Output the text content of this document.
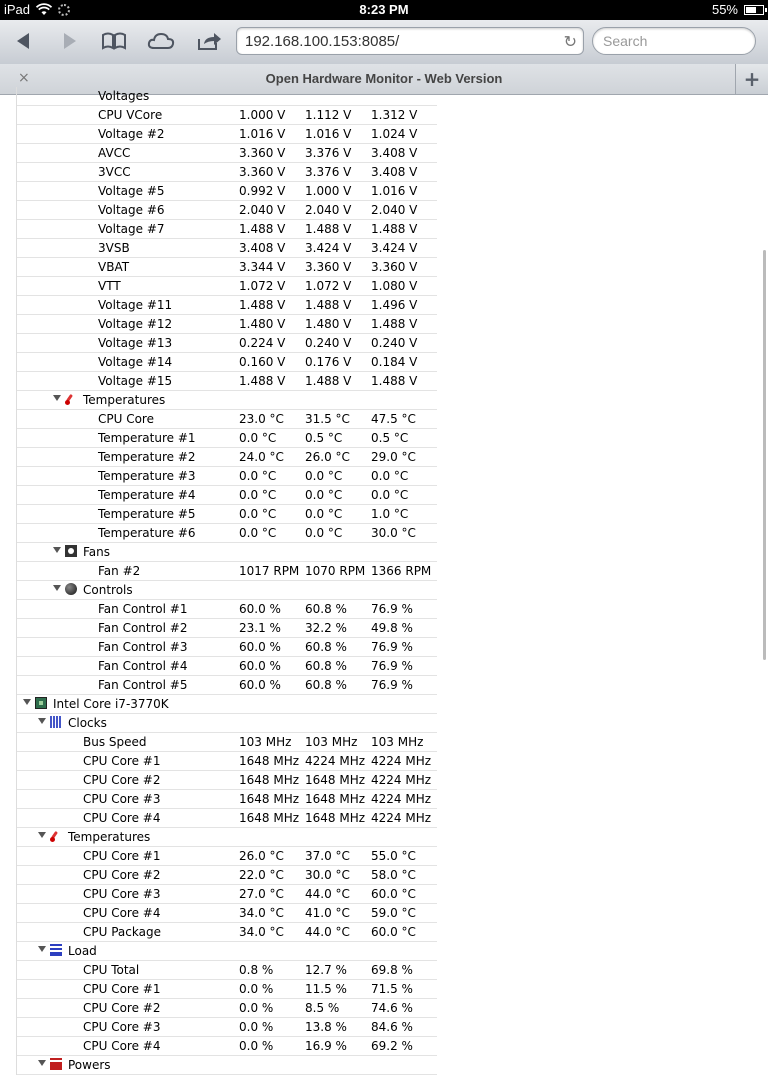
iPad	8:23 PM	55%
192.168.100.153:8085/	↻ Search
×	Open Hardware Monitor - Web Version	+
Voltages
CPU VCore	1.000 V 1.112 V 1.312 V
Voltage #2	1.016 V 1.016 V 1.024 V
AVCC	3.360 V 3.376 V 3.408 V
3VCC	3.360 V 3.376 V 3.408 V
Voltage #5	0.992 V 1.000 V 1.016 V
Voltage #6	2.040 V 2.040 V 2.040 V
Voltage #7	1.488 V 1.488 V 1.488 V
3VSB	3.408 V 3.424 V 3.424 V
VBAT	3.344 V 3.360 V 3.360 V
VTT	1.072 V 1.072 V 1.080 V
Voltage #11	1.488 V 1.488 V 1.496 V
Voltage #12	1.480 V 1.480 V 1.488 V
Voltage #13	0.224 V 0.240 V 0.240 V
Voltage #14	0.160 V 0.176 V 0.184 V
Voltage #15	1.488 V 1.488 V 1.488 V
Temperatures
CPU Core	23.0 °C 31.5 °C 47.5 °C
Temperature #1	0.0 °C 0.5 °C 0.5 °C
Temperature #2	24.0 °C 26.0 °C 29.0 °C
Temperature #3	0.0 °C 0.0 °C 0.0 °C
Temperature #4	0.0 °C 0.0 °C 0.0 °C
Temperature #5	0.0 °C 0.0 °C 1.0 °C
Temperature #6	0.0 °C 0.0 °C 30.0 °C
Fans
Fan #2	1017 RPM 1070 RPM 1366 RPM
Controls
Fan Control #1	60.0 % 60.8 % 76.9 %
Fan Control #2	23.1 % 32.2 % 49.8 %
Fan Control #3	60.0 % 60.8 % 76.9 %
Fan Control #4	60.0 % 60.8 % 76.9 %
Fan Control #5	60.0 % 60.8 % 76.9 %
Intel Core i7-3770K
Clocks
Bus Speed	103 MHz 103 MHz 103 MHz
CPU Core #1	1648 MHz 4224 MHz 4224 MHz
CPU Core #2	1648 MHz 1648 MHz 4224 MHz
CPU Core #3	1648 MHz 1648 MHz 4224 MHz
CPU Core #4	1648 MHz 1648 MHz 4224 MHz
Temperatures
CPU Core #1	26.0 °C 37.0 °C 55.0 °C
CPU Core #2	22.0 °C 30.0 °C 58.0 °C
CPU Core #3	27.0 °C 44.0 °C 60.0 °C
CPU Core #4	34.0 °C 41.0 °C 59.0 °C
CPU Package	34.0 °C 44.0 °C 60.0 °C
Load
CPU Total	0.8 %	12.7 % 69.8 %
CPU Core #1	0.0 %	11.5 % 71.5 %
CPU Core #2	0.0 %	8.5 %	74.6 %
CPU Core #3	0.0 %	13.8 % 84.6 %
CPU Core #4	0.0 %	16.9 % 69.2 %
Powers
